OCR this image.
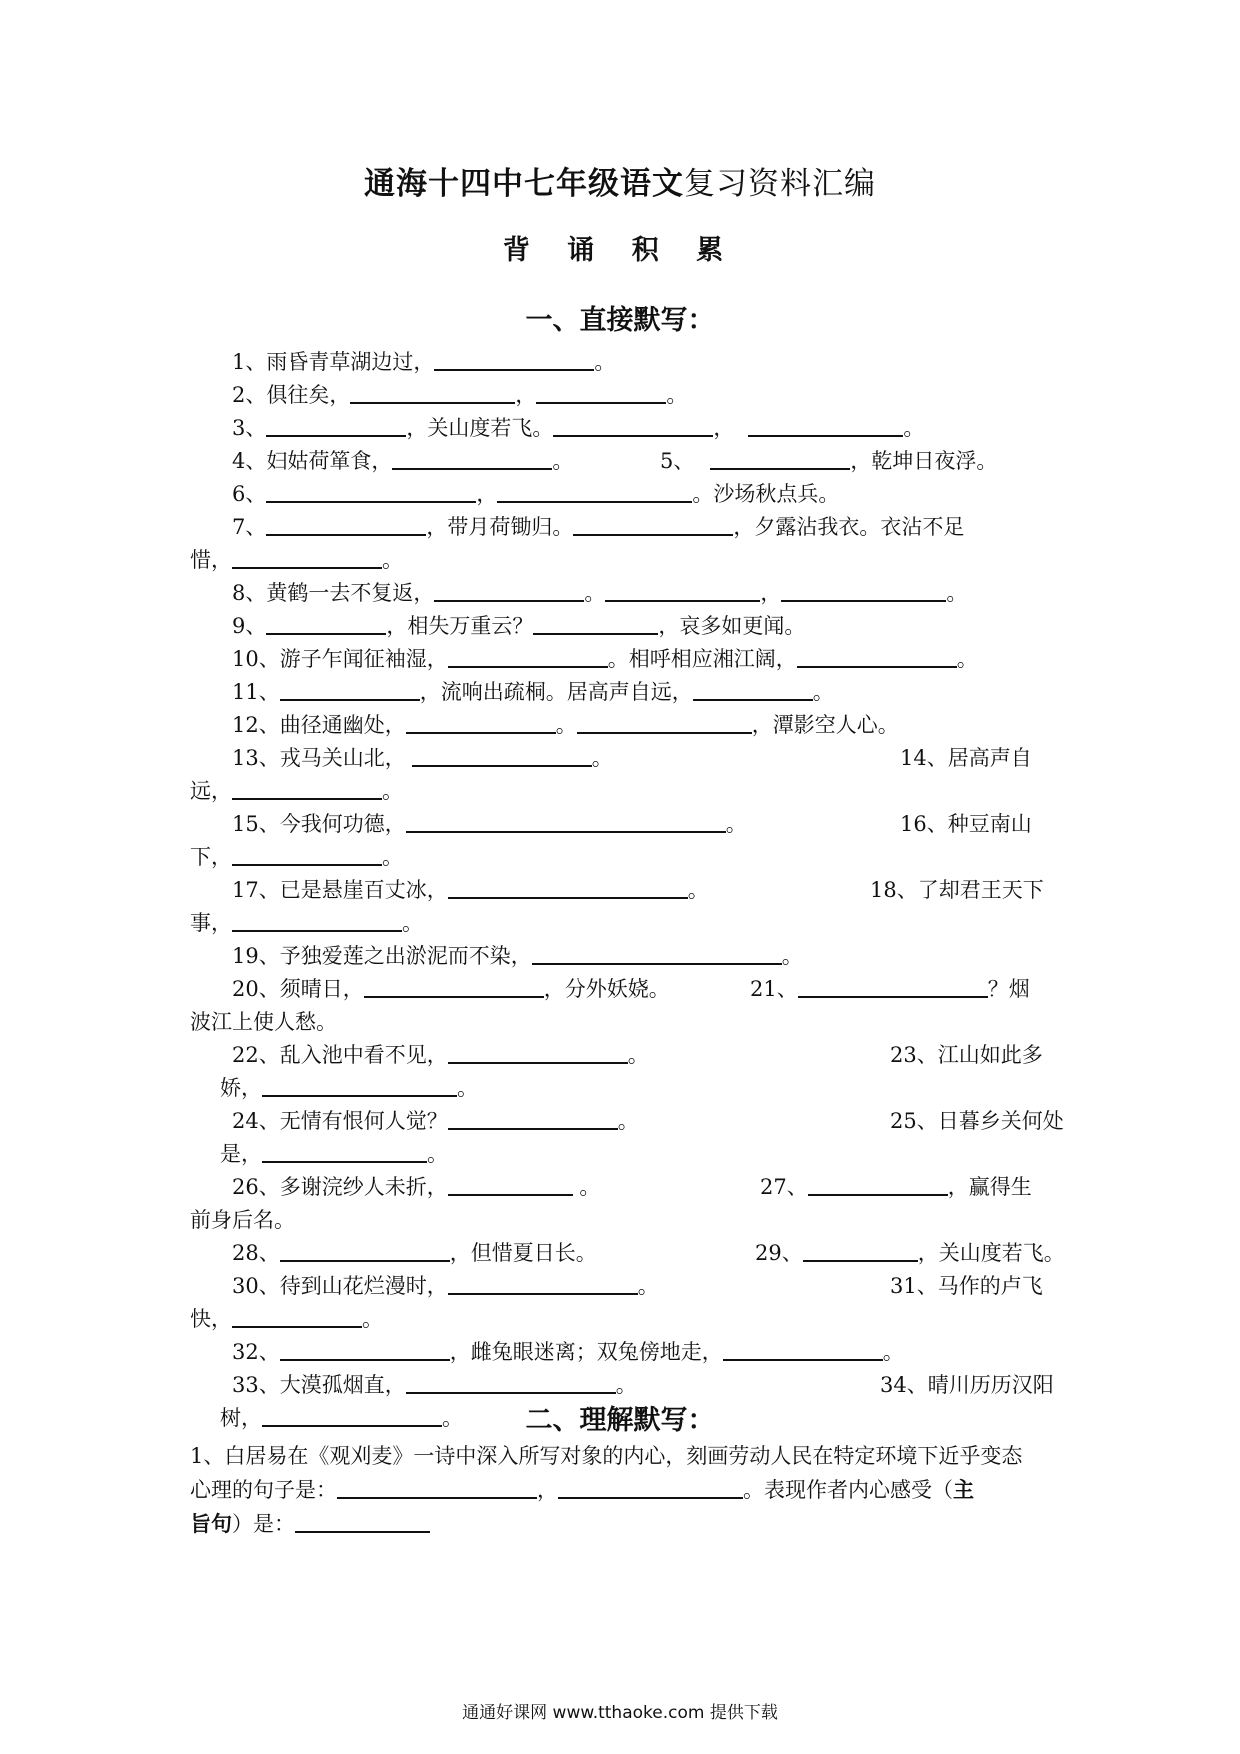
通海十四中七年级语文复习资料汇编
背 诵 积 累
一、直接默写：
1、雨昏青草湖边过，	。
2、俱往矣，	，	。
3、	，关山度若飞。	，	。
4、妇姑荷箪食，	。	5、	，乾坤日夜浮。
6、	，	。沙场秋点兵。
7、	，带月荷锄归。	，夕露沾我衣。衣沾不足
惜，	。
8、黄鹤一去不复返，	。	，	。
9、	，相失万重云？	，哀多如更闻。
10、游子乍闻征袖湿，	。相呼相应湘江阔，	。
11、	，流响出疏桐。居高声自远，	。
12、曲径通幽处，	。	，潭影空人心。
13、戎马关山北，	。	14、居高声自
远，	。
15、今我何功德，	。	16、种豆南山
下，	。
17、已是悬崖百丈冰，	。	18、了却君王天下
事，	。
19、予独爱莲之出淤泥而不染，	。
20、须晴日，	，分外妖娆。	21、	？烟
波江上使人愁。
22、乱入池中看不见，	。	23、江山如此多
娇，	。
24、无情有恨何人觉？	。	25、日暮乡关何处
是，	。
26、多谢浣纱人未折，	。	27、	，赢得生
前身后名。
28、	，但惜夏日长。	29、	，关山度若飞。
30、待到山花烂漫时，	。	31、马作的卢飞
快，	。
32、	，雌兔眼迷离；双兔傍地走，	。
33、大漠孤烟直，	。	34、晴川历历汉阳
树，	。	二、理解默写：
1、白居易在《观刈麦》一诗中深入所写对象的内心，刻画劳动人民在特定环境下近乎变态
心理的句子是：	，	。表现作者内心感受（主
旨句）是：
通通好课网 www.tthaoke.com 提供下载
